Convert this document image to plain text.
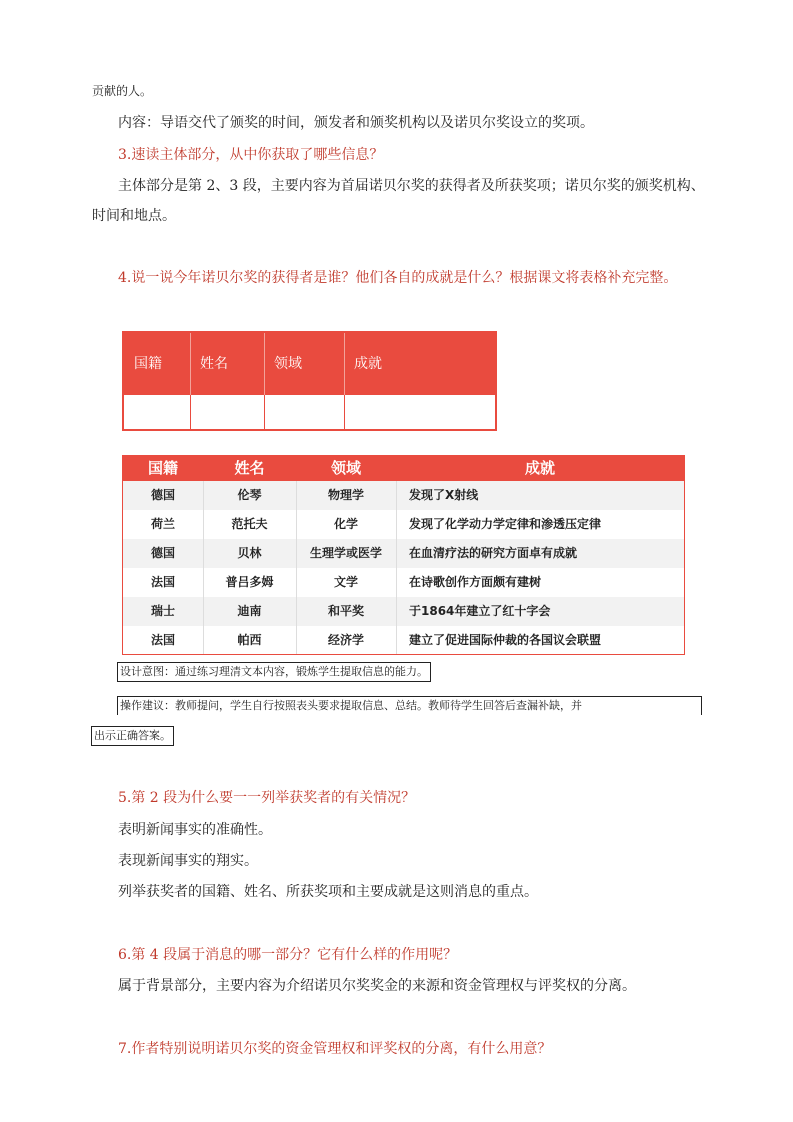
贡献的人。
内容：导语交代了颁奖的时间，颁发者和颁奖机构以及诺贝尔奖设立的奖项。
3.速读主体部分，从中你获取了哪些信息？
主体部分是第 2、3 段，主要内容为首届诺贝尔奖的获得者及所获奖项；诺贝尔奖的颁奖机构、
时间和地点。
4.说一说今年诺贝尔奖的获得者是谁？他们各自的成就是什么？根据课文将表格补充完整。
国籍	姓名	领域	成就
国籍	姓名	领域	成就
德国	伦琴	物理学	发现了X射线
荷兰	范托夫	化学	发现了化学动力学定律和渗透压定律
德国	贝林	生理学或医学	在血清疗法的研究方面卓有成就
法国	普吕多姆	文学	在诗歌创作方面颇有建树
瑞士	迪南	和平奖	于1864年建立了红十字会
法国	帕西	经济学	建立了促进国际仲裁的各国议会联盟
设计意图：通过练习理清文本内容，锻炼学生提取信息的能力。
操作建议：教师提问，学生自行按照表头要求提取信息、总结。教师待学生回答后查漏补缺，并
出示正确答案。
5.第 2 段为什么要一一列举获奖者的有关情况？
表明新闻事实的准确性。
表现新闻事实的翔实。
列举获奖者的国籍、姓名、所获奖项和主要成就是这则消息的重点。
6.第 4 段属于消息的哪一部分？它有什么样的作用呢？
属于背景部分，主要内容为介绍诺贝尔奖奖金的来源和资金管理权与评奖权的分离。
7.作者特别说明诺贝尔奖的资金管理权和评奖权的分离，有什么用意？
